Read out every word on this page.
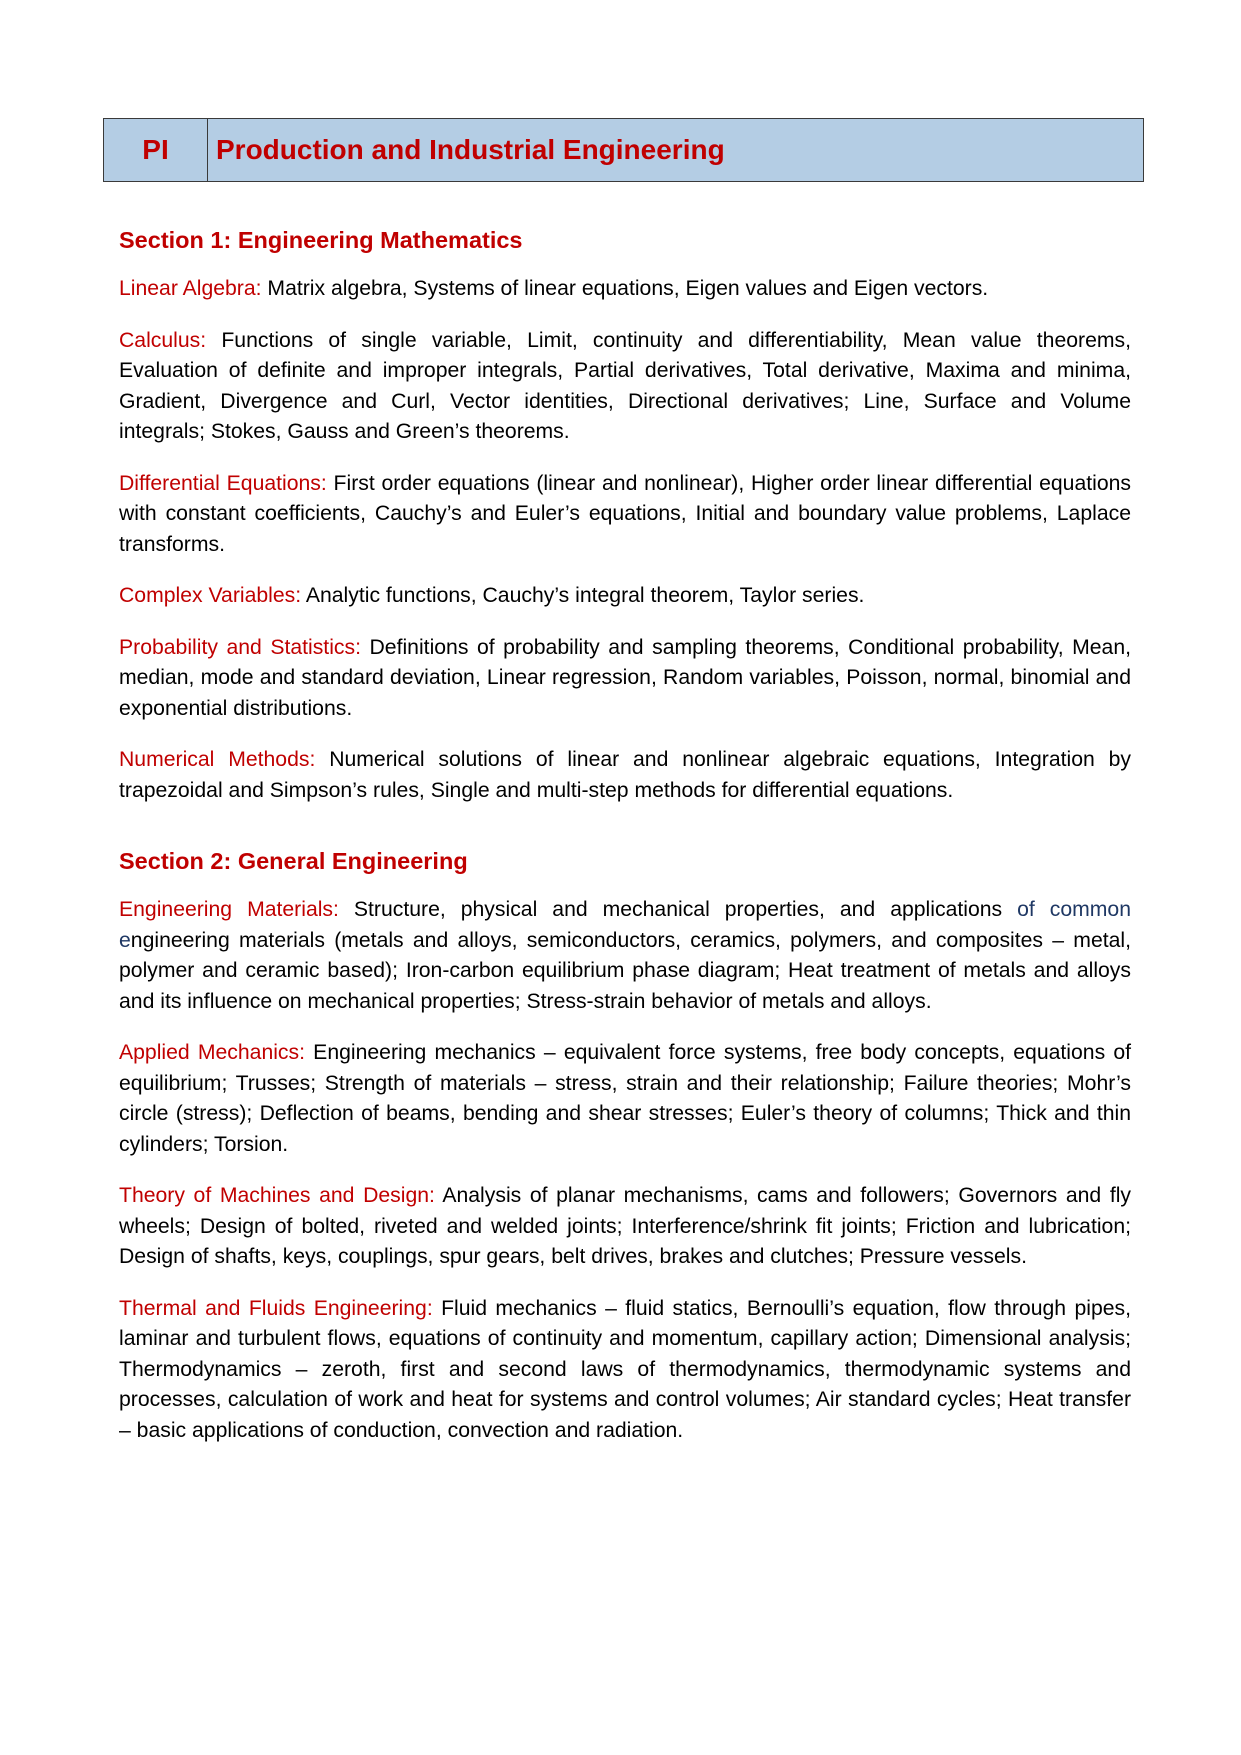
PI	Production and Industrial Engineering
Section 1: Engineering Mathematics

Linear Algebra: Matrix algebra, Systems of linear equations, Eigen values and Eigen vectors.

Calculus: Functions of single variable, Limit, continuity and differentiability, Mean value theorems, Evaluation of definite and improper integrals, Partial derivatives, Total derivative, Maxima and minima, Gradient, Divergence and Curl, Vector identities, Directional derivatives; Line, Surface and Volume integrals; Stokes, Gauss and Green’s theorems.

Differential Equations: First order equations (linear and nonlinear), Higher order linear differential equations with constant coefficients, Cauchy’s and Euler’s equations, Initial and boundary value problems, Laplace transforms.

Complex Variables: Analytic functions, Cauchy’s integral theorem, Taylor series.

Probability and Statistics: Definitions of probability and sampling theorems, Conditional probability, Mean, median, mode and standard deviation, Linear regression, Random variables, Poisson, normal, binomial and exponential distributions.

Numerical Methods: Numerical solutions of linear and nonlinear algebraic equations, Integration by trapezoidal and Simpson’s rules, Single and multi-step methods for differential equations.

Section 2: General Engineering

Engineering Materials: Structure, physical and mechanical properties, and applications of common engineering materials (metals and alloys, semiconductors, ceramics, polymers, and composites – metal, polymer and ceramic based); Iron-carbon equilibrium phase diagram; Heat treatment of metals and alloys and its influence on mechanical properties; Stress-strain behavior of metals and alloys.

Applied Mechanics: Engineering mechanics – equivalent force systems, free body concepts, equations of equilibrium; Trusses; Strength of materials – stress, strain and their relationship; Failure theories; Mohr’s circle (stress); Deflection of beams, bending and shear stresses; Euler’s theory of columns; Thick and thin cylinders; Torsion.

Theory of Machines and Design: Analysis of planar mechanisms, cams and followers; Governors and fly wheels; Design of bolted, riveted and welded joints; Interference/shrink fit joints; Friction and lubrication; Design of shafts, keys, couplings, spur gears, belt drives, brakes and clutches; Pressure vessels.

Thermal and Fluids Engineering: Fluid mechanics – fluid statics, Bernoulli’s equation, flow through pipes, laminar and turbulent flows, equations of continuity and momentum, capillary action; Dimensional analysis; Thermodynamics – zeroth, first and second laws of thermodynamics, thermodynamic systems and processes, calculation of work and heat for systems and control volumes; Air standard cycles; Heat transfer – basic applications of conduction, convection and radiation.
